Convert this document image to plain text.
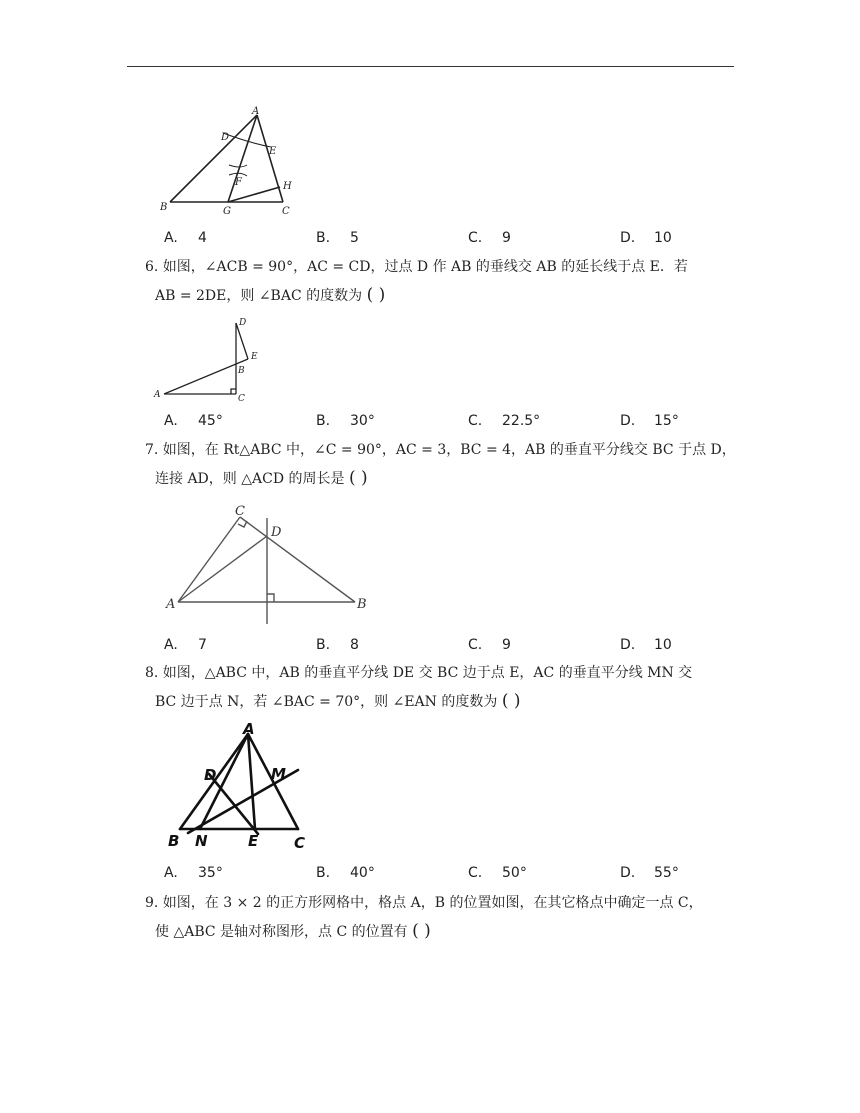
A
D
E
F	H
B	G	C
A. 4	B. 5	C. 9	D. 10
6. 如图，∠ACB = 90°，AC = CD，过点 D 作 AB 的垂线交 AB 的延长线于点 E．若
AB = 2DE，则 ∠BAC 的度数为 ( )
D
E
B
A	C
A. 45°	B. 30°	C. 22.5°	D. 15°
7. 如图，在 Rt△ABC 中，∠C = 90°，AC = 3，BC = 4，AB 的垂直平分线交 BC 于点 D，
连接 AD，则 △ACD 的周长是 ( )
C
D
A	B
A. 7	B. 8	C. 9	D. 10
8. 如图，△ABC 中，AB 的垂直平分线 DE 交 BC 边于点 E，AC 的垂直平分线 MN 交
BC 边于点 N，若 ∠BAC = 70°，则 ∠EAN 的度数为 ( )
A
D	M
B N	E C
A. 35°	B. 40°	C. 50°	D. 55°
9. 如图，在 3 × 2 的正方形网格中，格点 A，B 的位置如图，在其它格点中确定一点 C，
使 △ABC 是轴对称图形，点 C 的位置有 ( )
